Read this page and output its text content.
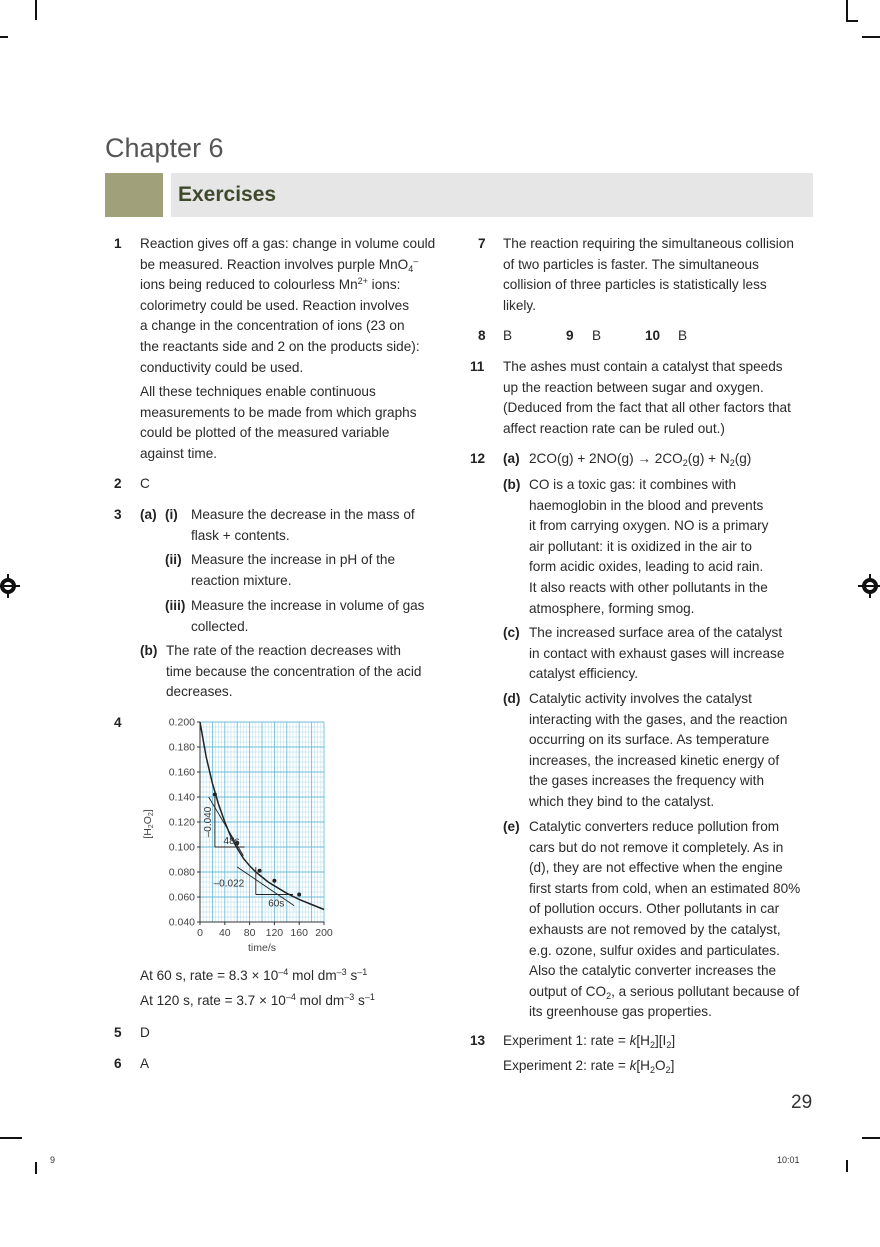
Chapter 6
Exercises
1 Reaction gives off a gas: change in volume could
be measured. Reaction involves purple MnO$_4$–
ions being reduced to colourless $Mn^{2+}$ ions:
colorimetry could be used. Reaction involves
a change in the concentration of ions (23 on
the reactants side and 2 on the products side):
conductivity could be used.
All these techniques enable continuous
measurements to be made from which graphs
could be plotted of the measured variable
against time.
2 C
3 (a) (i) Measure the decrease in the mass of
flask + contents.
(ii) Measure the increase in pH of the
reaction mixture.
(iii) Measure the increase in volume of gas
collected.
(b) The rate of the reaction decreases with
time because the concentration of the acid
decreases.
4	0.200
0.180
0.160
0.140
0.120
0.100
0.080
0.060
0.040
0 40 80 120 160 200
time/s
[H2O2]	–0.040
48s
–0.022
60s
At 60 s, rate = $8.3 \times 10^{-4}$ mol $dm^{-3}$ $s^{-1}$
At 120 s, rate = $3.7 \times 10^{-4}$ mol $dm^{-3}$ $s^{-1}$
5 D
6 A
7 The reaction requiring the simultaneous collision
of two particles is faster. The simultaneous
collision of three particles is statistically less
likely.
8 B	9 B	10 B
11 The ashes must contain a catalyst that speeds
up the reaction between sugar and oxygen.
(Deduced from the fact that all other factors that
affect reaction rate can be ruled out.)
12 (a) $2CO(g) + 2NO(g) \to 2CO_2(g) + N_2(g)$
(b) CO is a toxic gas: it combines with
haemoglobin in the blood and prevents
it from carrying oxygen. NO is a primary
air pollutant: it is oxidized in the air to
form acidic oxides, leading to acid rain.
It also reacts with other pollutants in the
atmosphere, forming smog.
(c) The increased surface area of the catalyst
in contact with exhaust gases will increase
catalyst efficiency.
(d) Catalytic activity involves the catalyst
interacting with the gases, and the reaction
occurring on its surface. As temperature
increases, the increased kinetic energy of
the gases increases the frequency with
which they bind to the catalyst.
(e) Catalytic converters reduce pollution from
cars but do not remove it completely. As in
(d), they are not effective when the engine
first starts from cold, when an estimated 80%
of pollution occurs. Other pollutants in car
exhausts are not removed by the catalyst,
e.g. ozone, sulfur oxides and particulates.
Also the catalytic converter increases the
output of $CO_2$, a serious pollutant because of
its greenhouse gas properties.
13 Experiment 1: rate = $k[H_2][I_2]$
Experiment 2: rate = $k[H_2O_2]$
29
9	10:01
